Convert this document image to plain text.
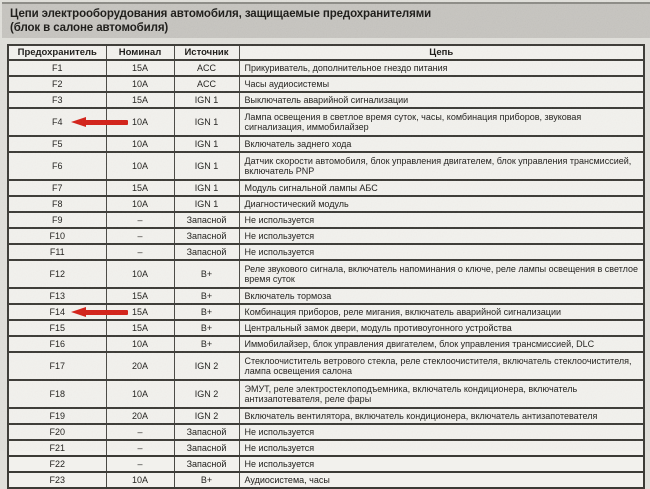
Цепи электрооборудования автомобиля, защищаемые предохранителями
(блок в салоне автомобиля)
Предохранитель	Номинал	Источник	Цепь
F1	15A	ACC	Прикуриватель, дополнительное гнездо питания
F2	10A	ACC	Часы аудиосистемы
F3	15A	IGN 1	Выключатель аварийной сигнализации
F4	10A	IGN 1	Лампа освещения в светлое время суток, часы, комбинация приборов, звуковая сигнализация, иммобилайзер
F5	10A	IGN 1	Включатель заднего хода
F6	10A	IGN 1	Датчик скорости автомобиля, блок управления двигателем, блок управления трансмиссией, включатель PNP
F7	15A	IGN 1	Модуль сигнальной лампы АБС
F8	10A	IGN 1	Диагностический модуль
F9	–	Запасной	Не используется
F10	–	Запасной	Не используется
F11	–	Запасной	Не используется
F12	10A	B+	Реле звукового сигнала, включатель напоминания о ключе, реле лампы освещения в светлое время суток
F13	15A	B+	Включатель тормоза
F14	15A	B+	Комбинация приборов, реле мигания, включатель аварийной сигнализации
F15	15A	B+	Центральный замок двери, модуль противоугонного устройства
F16	10A	B+	Иммобилайзер, блок управления двигателем, блок управления трансмиссией, DLC
F17	20A	IGN 2	Стеклоочиститель ветрового стекла, реле стеклоочистителя, включатель стеклоочистителя, лампа освещения салона
F18	10A	IGN 2	ЭМУТ, реле электростеклоподъемника, включатель кондиционера, включатель антизапотевателя, реле фары
F19	20A	IGN 2	Включатель вентилятора, включатель кондиционера, включатель антизапотевателя
F20	–	Запасной	Не используется
F21	–	Запасной	Не используется
F22	–	Запасной	Не используется
F23	10A	B+	Аудиосистема, часы
